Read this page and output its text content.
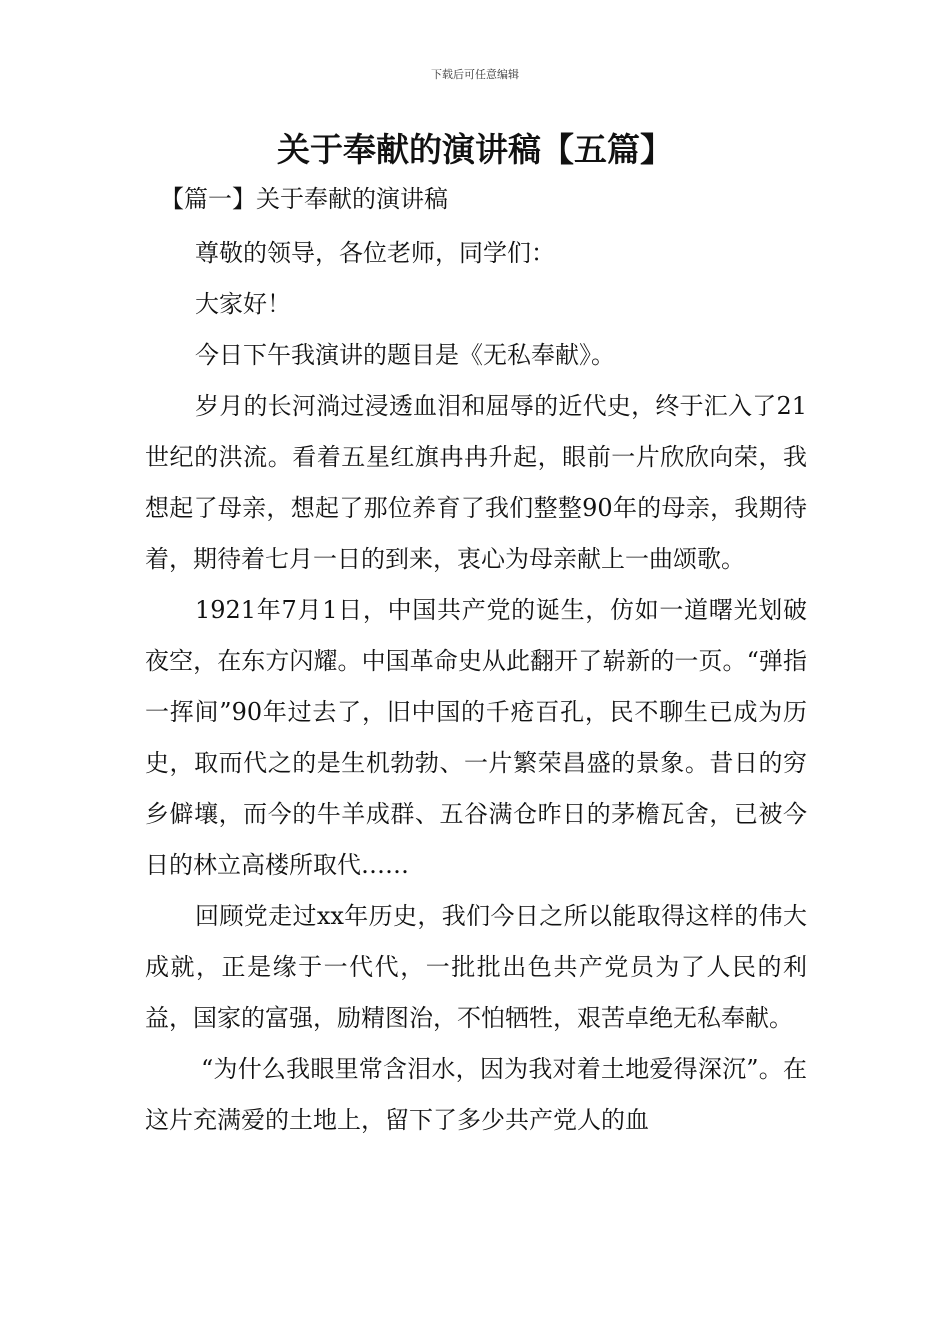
下载后可任意编辑
关于奉献的演讲稿【五篇】
【篇一】关于奉献的演讲稿

尊敬的领导，各位老师，同学们：

大家好！

今日下午我演讲的题目是《无私奉献》。

岁月的长河淌过浸透血泪和屈辱的近代史，终于汇入了21世纪的洪流。看着五星红旗冉冉升起，眼前一片欣欣向荣，我想起了母亲，想起了那位养育了我们整整90年的母亲，我期待着，期待着七月一日的到来，衷心为母亲献上一曲颂歌。

1921年7月1日，中国共产党的诞生，仿如一道曙光划破夜空，在东方闪耀。中国革命史从此翻开了崭新的一页。“弹指一挥间”90年过去了，旧中国的千疮百孔，民不聊生已成为历史，取而代之的是生机勃勃、一片繁荣昌盛的景象。昔日的穷乡僻壤，而今的牛羊成群、五谷满仓昨日的茅檐瓦舍，已被今日的林立高楼所取代……

回顾党走过xx年历史，我们今日之所以能取得这样的伟大成就，正是缘于一代代，一批批出色共产党员为了人民的利益，国家的富强，励精图治，不怕牺牲，艰苦卓绝无私奉献。

“为什么我眼里常含泪水，因为我对着土地爱得深沉”。在这片充满爱的土地上，留下了多少共产党人的血
